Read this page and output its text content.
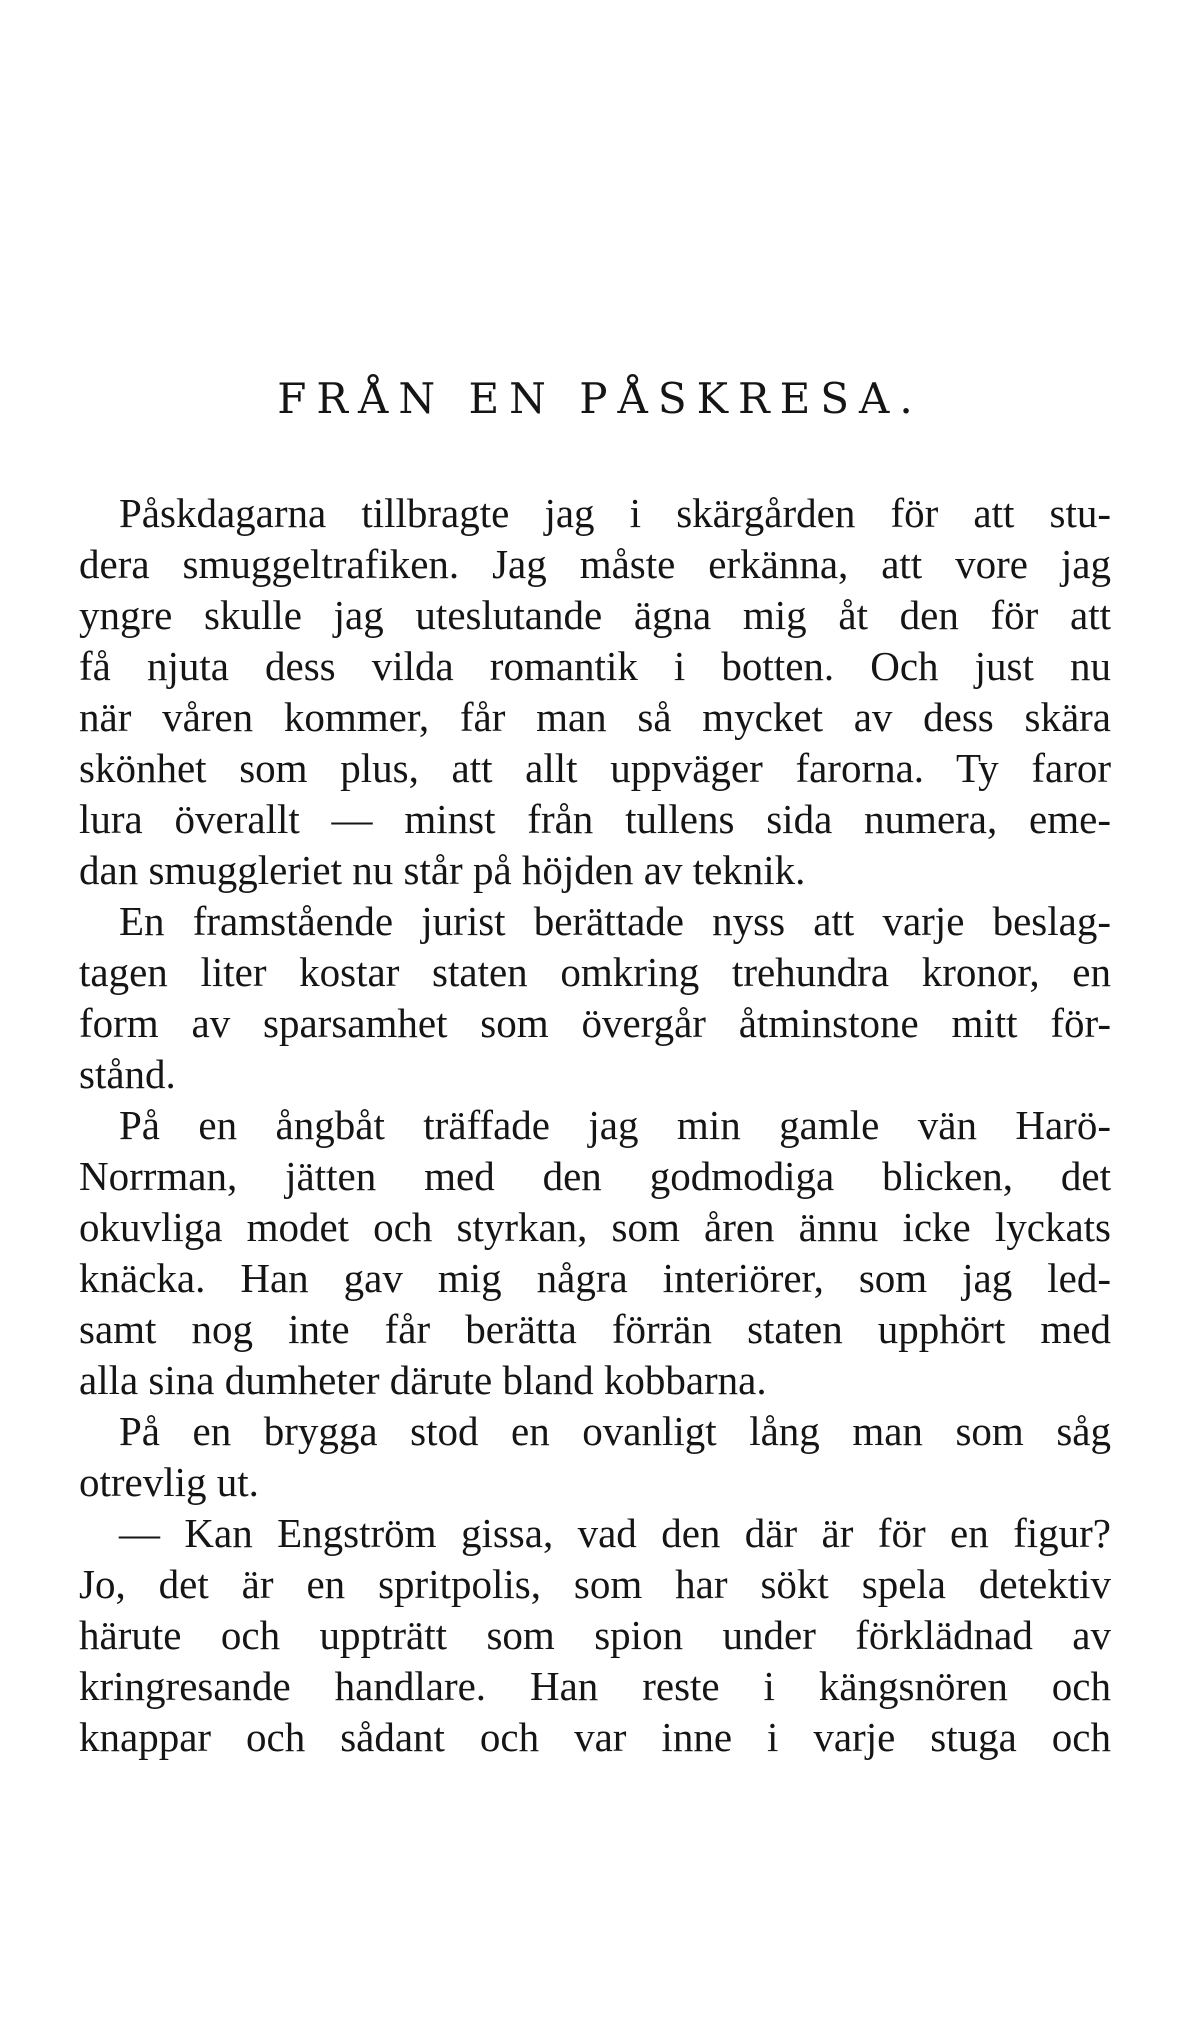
FRÅN EN PÅSKRESA.
Påskdagarna tillbragte jag i skärgården för att stu-
dera smuggeltrafiken. Jag måste erkänna, att vore jag
yngre skulle jag uteslutande ägna mig åt den för att
få njuta dess vilda romantik i botten. Och just nu
när våren kommer, får man så mycket av dess skära
skönhet som plus, att allt uppväger farorna. Ty faror
lura överallt — minst från tullens sida numera, eme-
dan smuggleriet nu står på höjden av teknik.
En framstående jurist berättade nyss att varje beslag-
tagen liter kostar staten omkring trehundra kronor, en
form av sparsamhet som övergår åtminstone mitt för-
stånd.
På en ångbåt träffade jag min gamle vän Harö-
Norrman, jätten med den godmodiga blicken, det
okuvliga modet och styrkan, som åren ännu icke lyckats
knäcka. Han gav mig några interiörer, som jag led-
samt nog inte får berätta förrän staten upphört med
alla sina dumheter därute bland kobbarna.
På en brygga stod en ovanligt lång man som såg
otrevlig ut.
— Kan Engström gissa, vad den där är för en figur?
Jo, det är en spritpolis, som har sökt spela detektiv
härute och uppträtt som spion under förklädnad av
kringresande handlare. Han reste i kängsnören och
knappar och sådant och var inne i varje stuga och
